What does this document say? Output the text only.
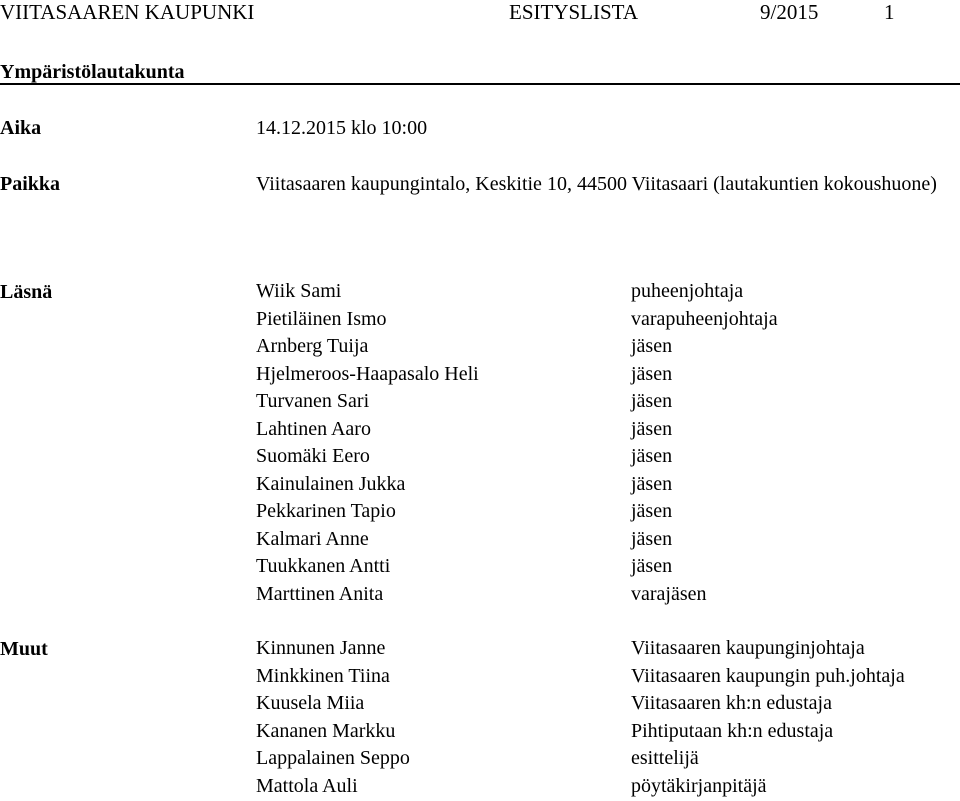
VIITASAAREN KAUPUNKI	ESITYSLISTA	9/2015	1
Ympäristölautakunta
Aika	14.12.2015 klo 10:00
Paikka	Viitasaaren kaupungintalo, Keskitie 10, 44500 Viitasaari (lautakuntien kokoushuone)
Läsnä	Wiik Sami	puheenjohtaja
Pietiläinen Ismo	varapuheenjohtaja
Arnberg Tuija	jäsen
Hjelmeroos-Haapasalo Heli	jäsen
Turvanen Sari	jäsen
Lahtinen Aaro	jäsen
Suomäki Eero	jäsen
Kainulainen Jukka	jäsen
Pekkarinen Tapio	jäsen
Kalmari Anne	jäsen
Tuukkanen Antti	jäsen
Marttinen Anita	varajäsen
Muut	Kinnunen Janne	Viitasaaren kaupunginjohtaja
Minkkinen Tiina	Viitasaaren kaupungin puh.johtaja
Kuusela Miia	Viitasaaren kh:n edustaja
Kananen Markku	Pihtiputaan kh:n edustaja
Lappalainen Seppo	esittelijä
Mattola Auli	pöytäkirjanpitäjä
